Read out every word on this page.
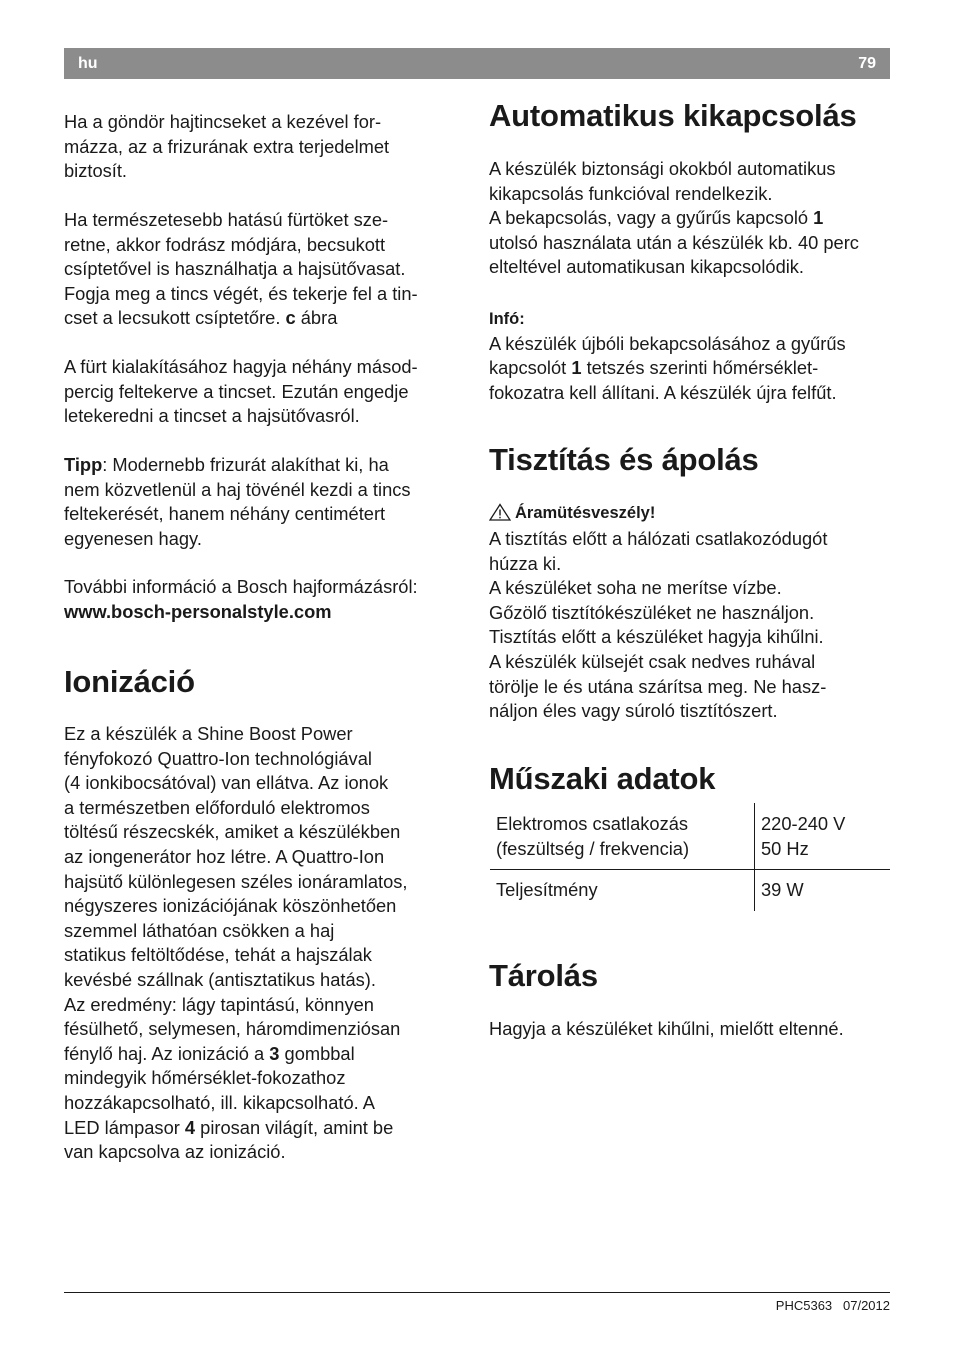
hu	79

Ha a göndör hajtincseket a kezével for-
mázza, az a frizurának extra terjedelmet
biztosít.

Ha természetesebb hatású fürtöket sze-
retne, akkor fodrász módjára, becsukott
csíptetővel is használhatja a hajsütővasat.
Fogja meg a tincs végét, és tekerje fel a tin-
cset a lecsukott csíptetőre. c ábra

A fürt kialakításához hagyja néhány másod-
percig feltekerve a tincset. Ezután engedje
letekeredni a tincset a hajsütővasról.

Tipp: Modernebb frizurát alakíthat ki, ha
nem közvetlenül a haj tövénél kezdi a tincs
feltekerését, hanem néhány centimétert
egyenesen hagy.

További információ a Bosch hajformázásról:
www.bosch-personalstyle.com

Ionizáció

Ez a készülék a Shine Boost Power
fényfokozó Quattro-Ion technológiával
(4 ionkibocsátóval) van ellátva. Az ionok
a természetben előforduló elektromos
töltésű részecskék, amiket a készülékben
az iongenerátor hoz létre. A Quattro-Ion
hajsütő különlegesen széles ionáramlatos,
négyszeres ionizációjának köszönhetően
szemmel láthatóan csökken a haj
statikus feltöltődése, tehát a hajszálak
kevésbé szállnak (antisztatikus hatás).
Az eredmény: lágy tapintású, könnyen
fésülhető, selymesen, háromdimenziósan
fénylő haj. Az ionizáció a 3 gombbal
mindegyik hőmérséklet-fokozathoz
hozzákapcsolható, ill. kikapcsolható. A
LED lámpasor 4 pirosan világít, amint be
van kapcsolva az ionizáció.

Automatikus kikapcsolás

A készülék biztonsági okokból automatikus
kikapcsolás funkcióval rendelkezik.
A bekapcsolás, vagy a gyűrűs kapcsoló 1
utolsó használata után a készülék kb. 40 perc
elteltével automatikusan kikapcsolódik.

Infó:
A készülék újbóli bekapcsolásához a gyűrűs
kapcsolót 1 tetszés szerinti hőmérséklet-
fokozatra kell állítani. A készülék újra felfűt.

Tisztítás és ápolás
Áramütésveszély!

A tisztítás előtt a hálózati csatlakozódugót
húzza ki.
A készüléket soha ne merítse vízbe.
Gőzölő tisztítókészüléket ne használjon.
Tisztítás előtt a készüléket hagyja kihűlni.
A készülék külsejét csak nedves ruhával
törölje le és utána szárítsa meg. Ne hasz-
náljon éles vagy súroló tisztítószert.

Műszaki adatok
Elektromos csatlakozás
(feszültség / frekvencia)	220-240 V
50 Hz
Teljesítmény	39 W
Tárolás

Hagyja a készüléket kihűlni, mielőtt eltenné.

PHC5363 07/2012
